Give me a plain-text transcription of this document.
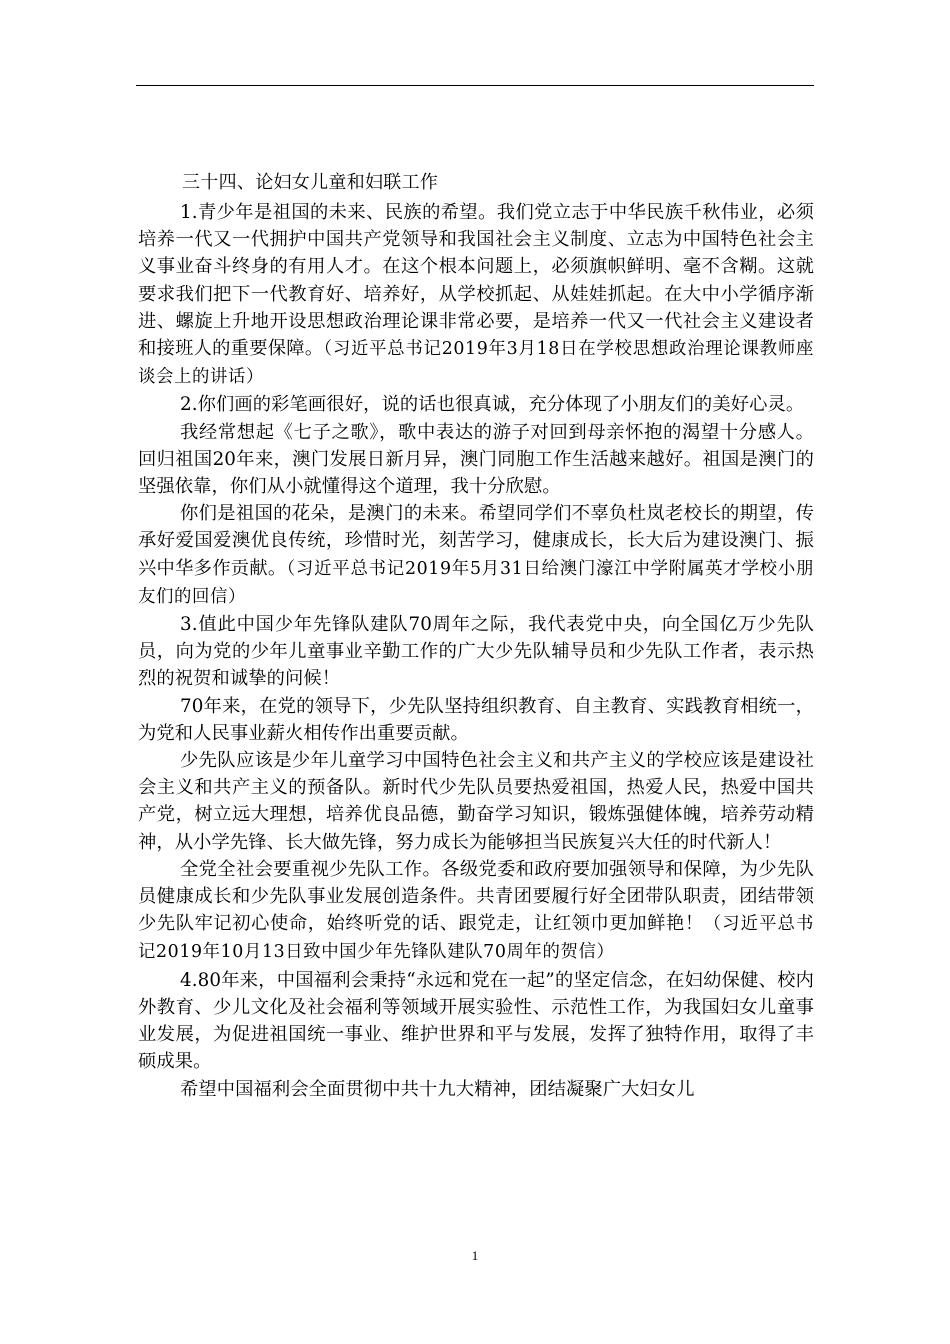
三十四、论妇女儿童和妇联工作

1.青少年是祖国的未来、民族的希望。我们党立志于中华民族千秋伟业，必须培养一代又一代拥护中国共产党领导和我国社会主义制度、立志为中国特色社会主义事业奋斗终身的有用人才。在这个根本问题上，必须旗帜鲜明、毫不含糊。这就要求我们把下一代教育好、培养好，从学校抓起、从娃娃抓起。在大中小学循序渐进、螺旋上升地开设思想政治理论课非常必要，是培养一代又一代社会主义建设者和接班人的重要保障。（习近平总书记2019年3月18日在学校思想政治理论课教师座谈会上的讲话）

2.你们画的彩笔画很好，说的话也很真诚，充分体现了小朋友们的美好心灵。

我经常想起《七子之歌》，歌中表达的游子对回到母亲怀抱的渴望十分感人。回归祖国20年来，澳门发展日新月异，澳门同胞工作生活越来越好。祖国是澳门的坚强依靠，你们从小就懂得这个道理，我十分欣慰。

你们是祖国的花朵，是澳门的未来。希望同学们不辜负杜岚老校长的期望，传承好爱国爱澳优良传统，珍惜时光，刻苦学习，健康成长，长大后为建设澳门、振兴中华多作贡献。（习近平总书记2019年5月31日给澳门濠江中学附属英才学校小朋友们的回信）

3.值此中国少年先锋队建队70周年之际，我代表党中央，向全国亿万少先队员，向为党的少年儿童事业辛勤工作的广大少先队辅导员和少先队工作者，表示热烈的祝贺和诚挚的问候！

70年来，在党的领导下，少先队坚持组织教育、自主教育、实践教育相统一，为党和人民事业薪火相传作出重要贡献。

少先队应该是少年儿童学习中国特色社会主义和共产主义的学校应该是建设社会主义和共产主义的预备队。新时代少先队员要热爱祖国，热爱人民，热爱中国共产党，树立远大理想，培养优良品德，勤奋学习知识，锻炼强健体魄，培养劳动精神，从小学先锋、长大做先锋，努力成长为能够担当民族复兴大任的时代新人！

全党全社会要重视少先队工作。各级党委和政府要加强领导和保障，为少先队员健康成长和少先队事业发展创造条件。共青团要履行好全团带队职责，团结带领少先队牢记初心使命，始终听党的话、跟党走，让红领巾更加鲜艳！（习近平总书记2019年10月13日致中国少年先锋队建队70周年的贺信）

4.80年来，中国福利会秉持“永远和党在一起”的坚定信念，在妇幼保健、校内外教育、少儿文化及社会福利等领域开展实验性、示范性工作，为我国妇女儿童事业发展，为促进祖国统一事业、维护世界和平与发展，发挥了独特作用，取得了丰硕成果。

希望中国福利会全面贯彻中共十九大精神，团结凝聚广大妇女儿

1
